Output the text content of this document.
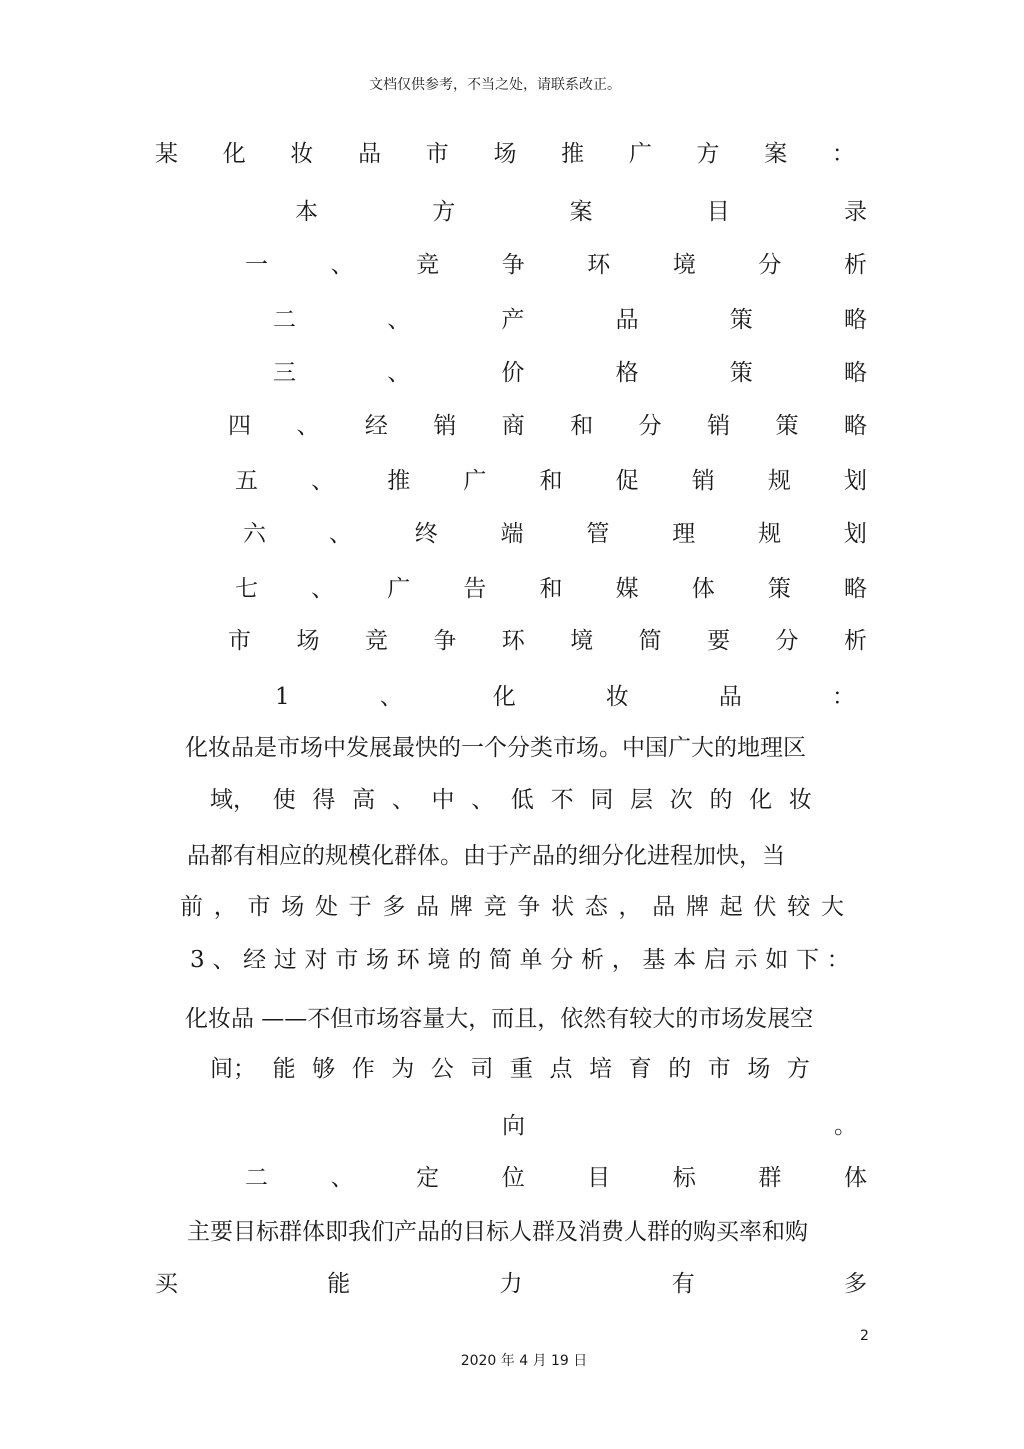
文档仅供参考，不当之处，请联系改正。
某 化 妆 品 市 场 推 广 方 案 ：
本	方	案	目	录
一	、	竞	争	环	境	分	析
二	、	产	品	策	略
三	、	价	格	策	略
四 、 经 销 商 和 分 销 策 略
五 、 推 广 和 促 销 规 划
六	、	终	端	管	理	规	划
七 、 广 告 和 媒 体 策 略
市 场 竞 争 环 境 简 要 分 析
1	、	化	妆	品	：
化妆品是市场中发展最快的一个分类市场。中国广大的地理区
域， 使 得 高 、 中 、 低 不 同 层 次 的 化 妆
品都有相应的规模化群体。由于产品的细分化进程加快，当
前 ， 市 场 处 于 多 品 牌 竞 争 状 态 ， 品 牌 起 伏 较 大
3 、 经 过 对 市 场 环 境 的 简 单 分 析 ， 基 本 启 示 如 下 ：
化妆品 ——不但市场容量大，而且，依然有较大的市场发展空
间； 能 够 作 为 公 司 重 点 培 育 的 市 场 方
向	。
二	、	定	位	目	标	群	体
主要目标群体即我们产品的目标人群及消费人群的购买率和购
买	能	力	有	多
2
2020 年 4 月 19 日
